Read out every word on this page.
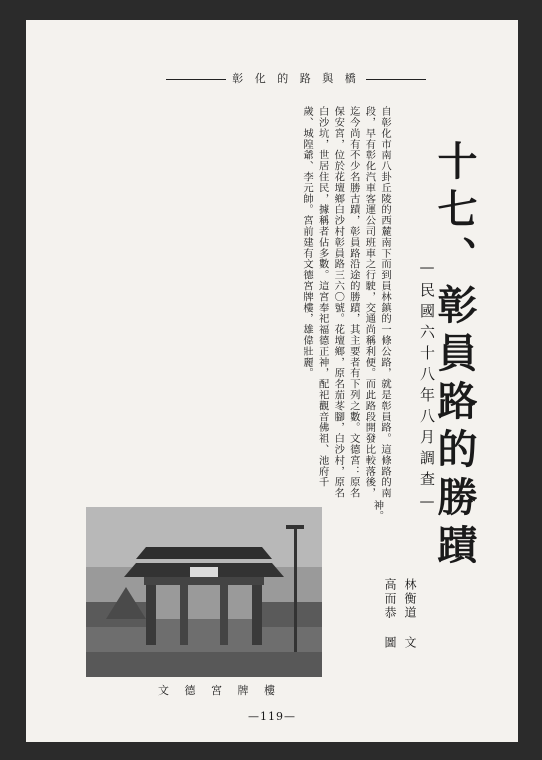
彰 化 的 路 與 橋
十七、彰員路的勝蹟
—民國六十八年八月調查—
自彰化市南八卦丘陵的西麓南下而到員林鎮的一條公路，就是彰員路。這條路的南段，早有彰化汽車客運公司班車之行駛，交通尚稱利便。而此路段開發比較落後，迄今尚有不少名勝古蹟，彰員路沿途的勝蹟，其主要者有下列之數。文德宮：原名保安宮，位於花壇鄉白沙村彰員路三六〇號。花壇鄉，原名茄苳腳，白沙村，原名白沙坑，世居住民，據稱者佔多數。這宮奉祀福德正神，配祀觀音佛祖、池府千歲、城隍爺、李元帥。宮前建有文德宮牌樓，雄偉壯麗。
神。
林衡道 文
高而恭 圖
文 德 宮 牌 樓
—119—
